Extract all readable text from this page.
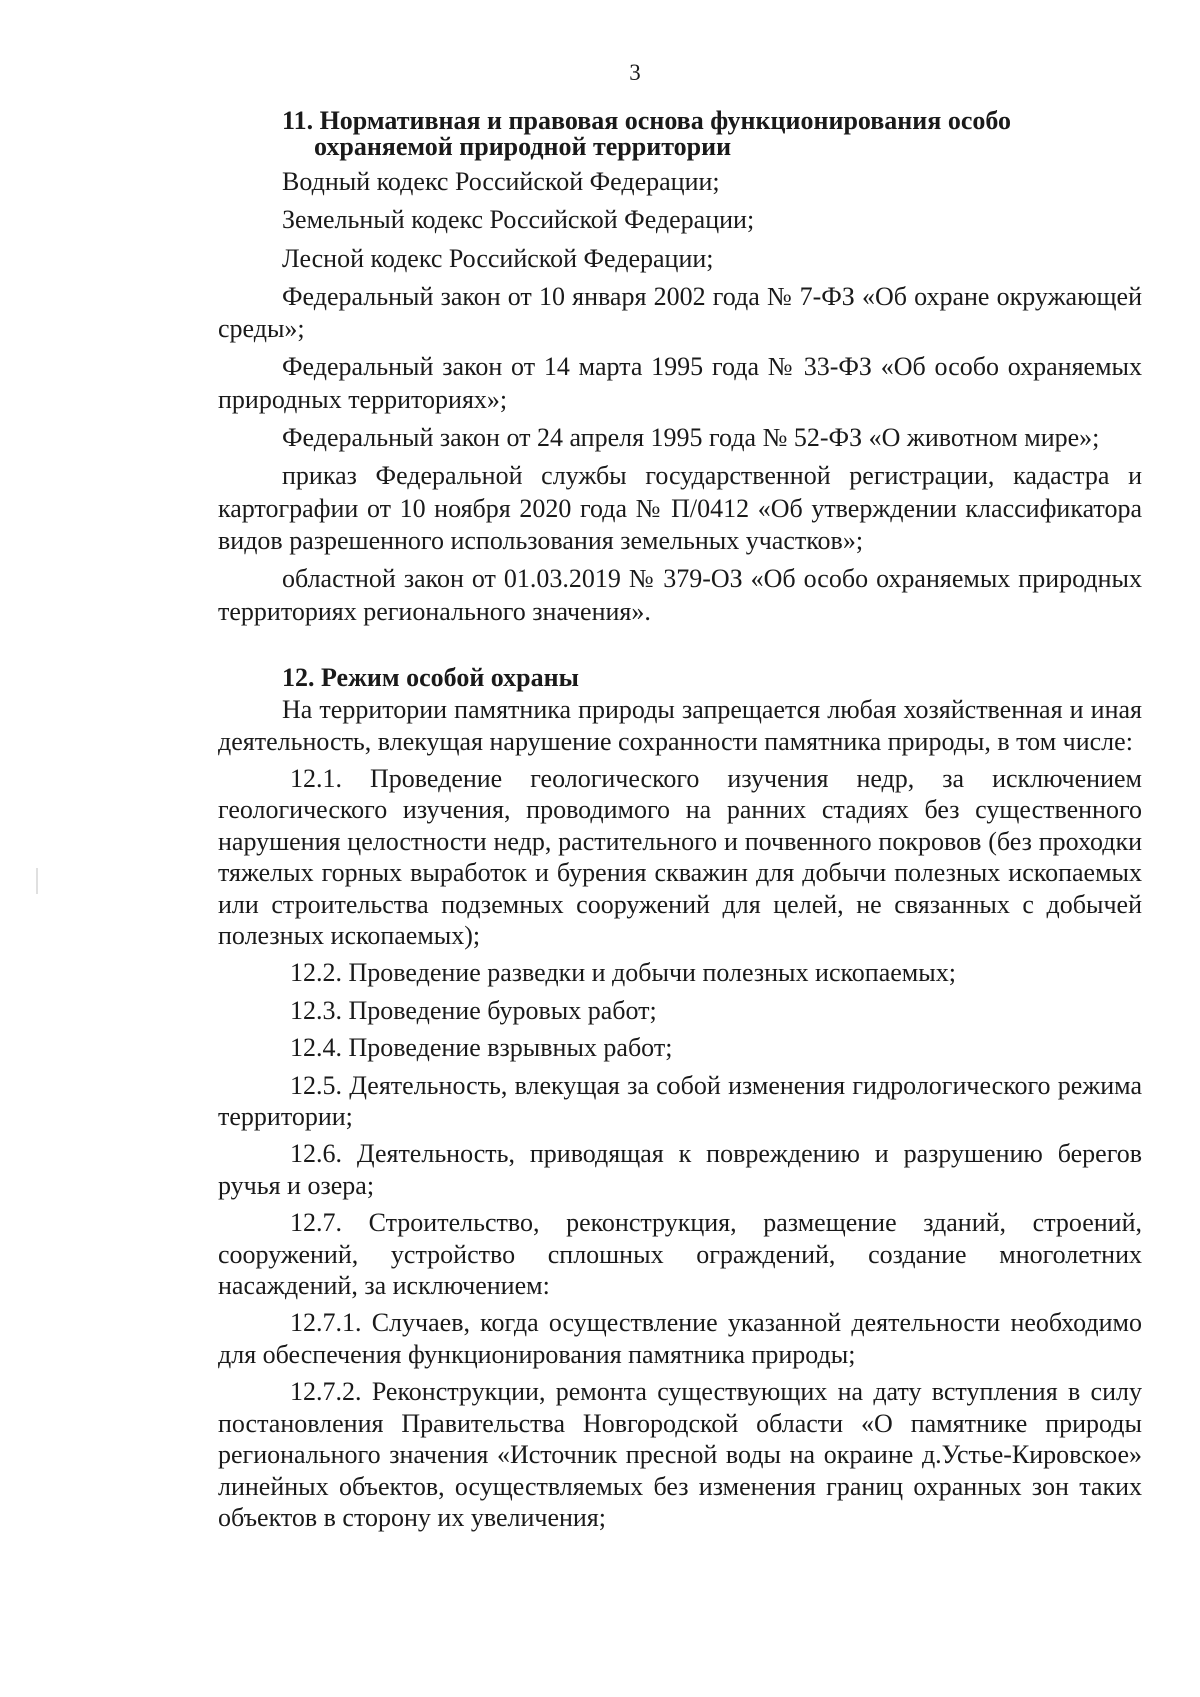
3

11. Нормативная и правовая основа функционирования особо
охраняемой природной территории

Водный кодекс Российской Федерации;

Земельный кодекс Российской Федерации;

Лесной кодекс Российской Федерации;

Федеральный закон от 10 января 2002 года № 7-ФЗ «Об охране окружающей среды»;

Федеральный закон от 14 марта 1995 года № 33-ФЗ «Об особо охраняемых природных территориях»;

Федеральный закон от 24 апреля 1995 года № 52-ФЗ «О животном мире»;

приказ Федеральной службы государственной регистрации, кадастра и картографии от 10 ноября 2020 года № П/0412 «Об утверждении классификатора видов разрешенного использования земельных участков»;

областной закон от 01.03.2019 № 379-ОЗ «Об особо охраняемых природных территориях регионального значения».

12. Режим особой охраны

На территории памятника природы запрещается любая хозяйственная и иная деятельность, влекущая нарушение сохранности памятника природы, в том числе:

12.1. Проведение геологического изучения недр, за исключением геологического изучения, проводимого на ранних стадиях без существенного нарушения целостности недр, растительного и почвенного покровов (без проходки тяжелых горных выработок и бурения скважин для добычи полезных ископаемых или строительства подземных сооружений для целей, не связанных с добычей полезных ископаемых);

12.2. Проведение разведки и добычи полезных ископаемых;

12.3. Проведение буровых работ;

12.4. Проведение взрывных работ;

12.5. Деятельность, влекущая за собой изменения гидрологического режима территории;

12.6. Деятельность, приводящая к повреждению и разрушению берегов ручья и озера;

12.7. Строительство, реконструкция, размещение зданий, строений, сооружений, устройство сплошных ограждений, создание многолетних насаждений, за исключением:

12.7.1. Случаев, когда осуществление указанной деятельности необходимо для обеспечения функционирования памятника природы;

12.7.2. Реконструкции, ремонта существующих на дату вступления в силу постановления Правительства Новгородской области «О памятнике природы регионального значения «Источник пресной воды на окраине д.Устье-Кировское» линейных объектов, осуществляемых без изменения границ охранных зон таких объектов в сторону их увеличения;
